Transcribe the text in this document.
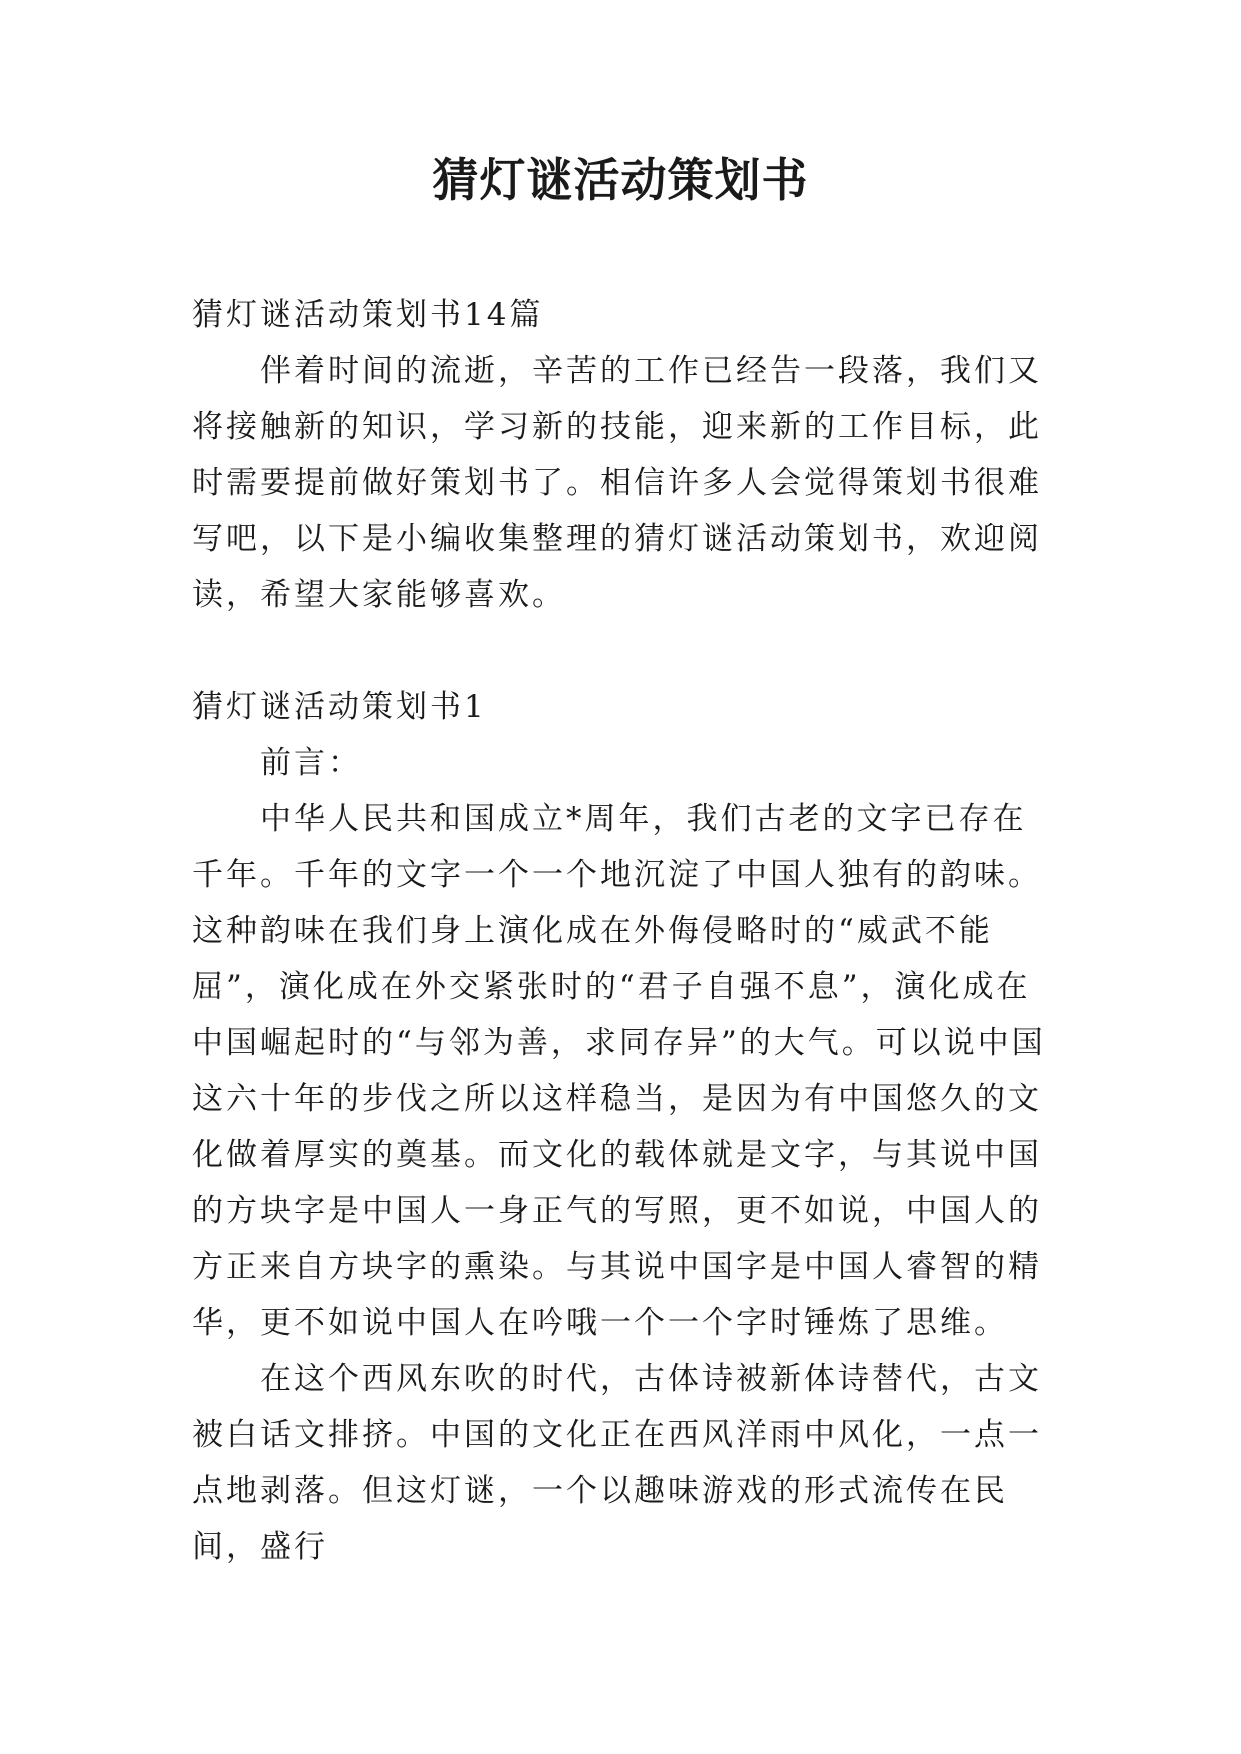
猜灯谜活动策划书

猜灯谜活动策划书14篇

伴着时间的流逝，辛苦的工作已经告一段落，我们又将接触新的知识，学习新的技能，迎来新的工作目标，此时需要提前做好策划书了。相信许多人会觉得策划书很难写吧，以下是小编收集整理的猜灯谜活动策划书，欢迎阅读，希望大家能够喜欢。

猜灯谜活动策划书1

前言：

中华人民共和国成立*周年，我们古老的文字已存在千年。千年的文字一个一个地沉淀了中国人独有的韵味。这种韵味在我们身上演化成在外侮侵略时的“威武不能屈”，演化成在外交紧张时的“君子自强不息”，演化成在中国崛起时的“与邻为善，求同存异”的大气。可以说中国这六十年的步伐之所以这样稳当，是因为有中国悠久的文化做着厚实的奠基。而文化的载体就是文字，与其说中国的方块字是中国人一身正气的写照，更不如说，中国人的方正来自方块字的熏染。与其说中国字是中国人睿智的精华，更不如说中国人在吟哦一个一个字时锤炼了思维。

在这个西风东吹的时代，古体诗被新体诗替代，古文被白话文排挤。中国的文化正在西风洋雨中风化，一点一点地剥落。但这灯谜，一个以趣味游戏的形式流传在民间，盛行
